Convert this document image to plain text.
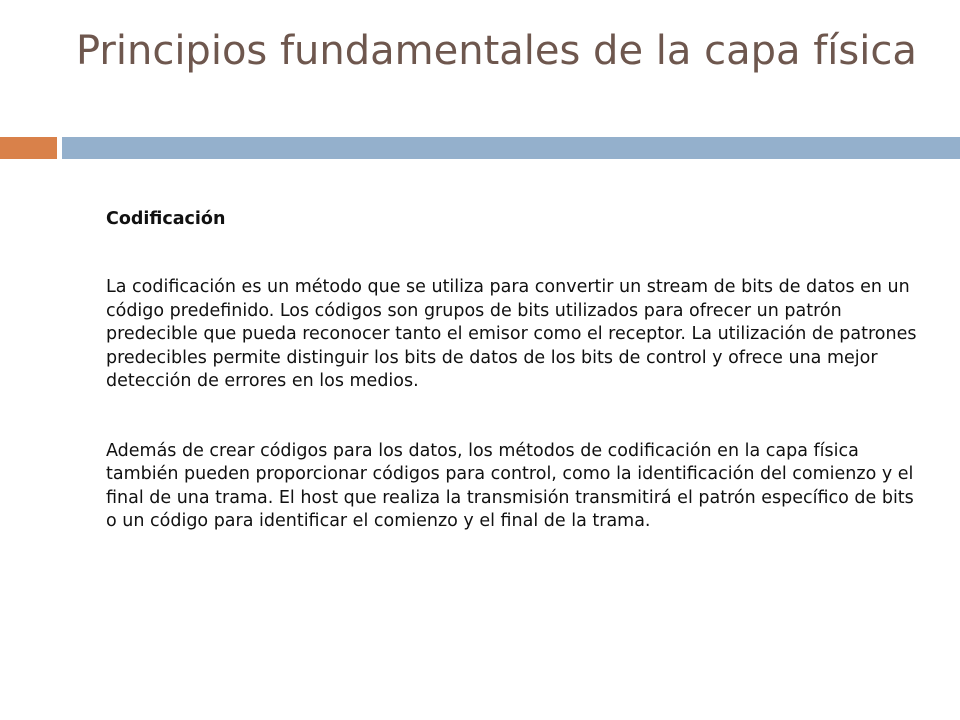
Principios fundamentales de la capa física

Codificación

La codificación es un método que se utiliza para convertir un stream de bits de datos en un código predefinido. Los códigos son grupos de bits utilizados para ofrecer un patrón predecible que pueda reconocer tanto el emisor como el receptor. La utilización de patrones predecibles permite distinguir los bits de datos de los bits de control y ofrece una mejor detección de errores en los medios.

Además de crear códigos para los datos, los métodos de codificación en la capa física también pueden proporcionar códigos para control, como la identificación del comienzo y el final de una trama. El host que realiza la transmisión transmitirá el patrón específico de bits o un código para identificar el comienzo y el final de la trama.
